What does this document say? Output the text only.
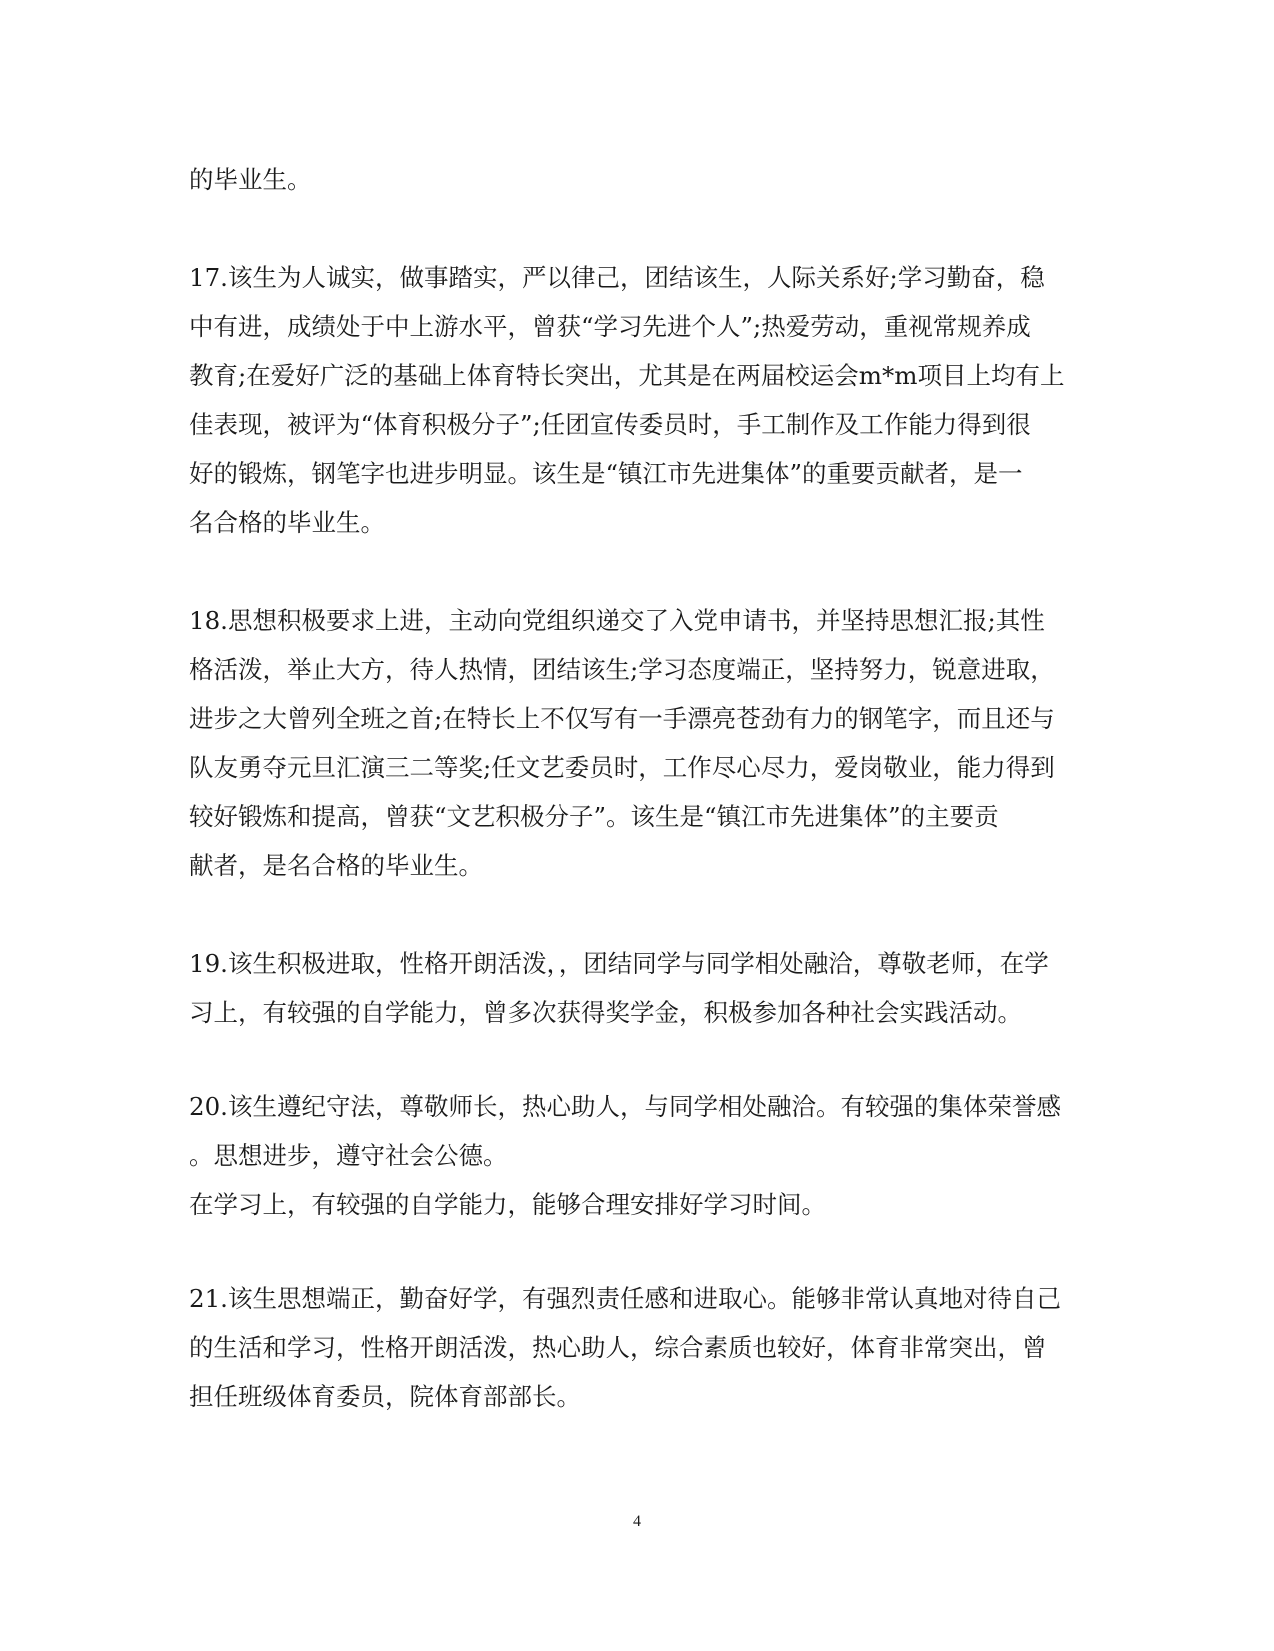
的毕业生。

17.该生为人诚实，做事踏实，严以律己，团结该生，人际关系好;学习勤奋，稳
中有进，成绩处于中上游水平，曾获“学习先进个人”;热爱劳动，重视常规养成
教育;在爱好广泛的基础上体育特长突出，尤其是在两届校运会m*m项目上均有上
佳表现，被评为“体育积极分子”;任团宣传委员时，手工制作及工作能力得到很
好的锻炼，钢笔字也进步明显。该生是“镇江市先进集体”的重要贡献者，是一
名合格的毕业生。

18.思想积极要求上进，主动向党组织递交了入党申请书，并坚持思想汇报;其性
格活泼，举止大方，待人热情，团结该生;学习态度端正，坚持努力，锐意进取，
进步之大曾列全班之首;在特长上不仅写有一手漂亮苍劲有力的钢笔字，而且还与
队友勇夺元旦汇演三二等奖;任文艺委员时，工作尽心尽力，爱岗敬业，能力得到
较好锻炼和提高，曾获“文艺积极分子”。该生是“镇江市先进集体”的主要贡
献者，是名合格的毕业生。

19.该生积极进取，性格开朗活泼，，团结同学与同学相处融洽，尊敬老师，在学
习上，有较强的自学能力，曾多次获得奖学金，积极参加各种社会实践活动。

20.该生遵纪守法，尊敬师长，热心助人，与同学相处融洽。有较强的集体荣誉感
。思想进步，遵守社会公德。
在学习上，有较强的自学能力，能够合理安排好学习时间。

21.该生思想端正，勤奋好学，有强烈责任感和进取心。能够非常认真地对待自己
的生活和学习，性格开朗活泼，热心助人，综合素质也较好，体育非常突出，曾
担任班级体育委员，院体育部部长。

4
